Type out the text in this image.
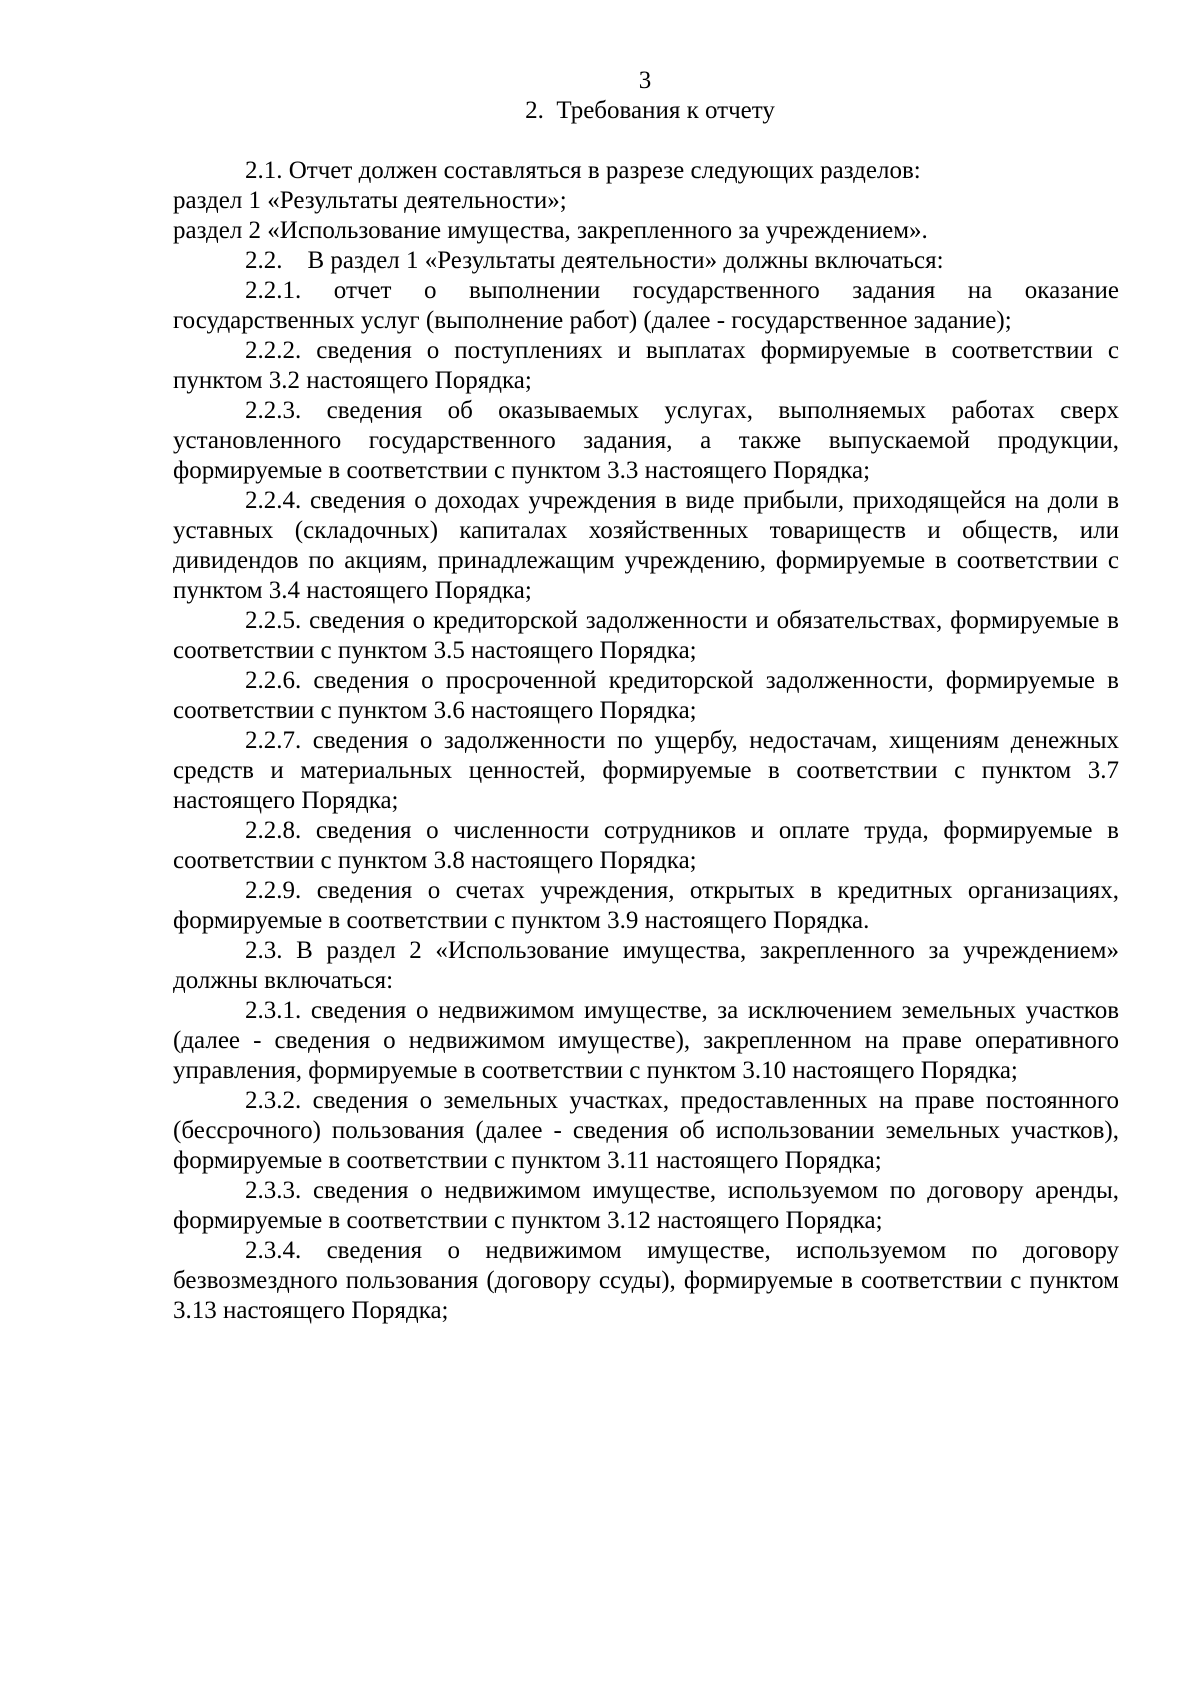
3
2.  Требования к отчету

2.1. Отчет должен составляться в разрезе следующих разделов:

раздел 1 «Результаты деятельности»;

раздел 2 «Использование имущества, закрепленного за учреждением».

2.2. В раздел 1 «Результаты деятельности» должны включаться:

2.2.1. отчет о выполнении государственного задания на оказание государственных услуг (выполнение работ) (далее - государственное задание);

2.2.2. сведения о поступлениях и выплатах формируемые в соответствии с пунктом 3.2 настоящего Порядка;

2.2.3. сведения об оказываемых услугах, выполняемых работах сверх установленного государственного задания, а также выпускаемой продукции, формируемые в соответствии с пунктом 3.3 настоящего Порядка;

2.2.4. сведения о доходах учреждения в виде прибыли, приходящейся на доли в уставных (складочных) капиталах хозяйственных товариществ и обществ, или дивидендов по акциям, принадлежащим учреждению, формируемые в соответствии с пунктом 3.4 настоящего Порядка;

2.2.5. сведения о кредиторской задолженности и обязательствах, формируемые в соответствии с пунктом 3.5 настоящего Порядка;

2.2.6. сведения о просроченной кредиторской задолженности, формируемые в соответствии с пунктом 3.6 настоящего Порядка;

2.2.7. сведения о задолженности по ущербу, недостачам, хищениям денежных средств и материальных ценностей, формируемые в соответствии с пунктом 3.7 настоящего Порядка;

2.2.8. сведения о численности сотрудников и оплате труда, формируемые в соответствии с пунктом 3.8 настоящего Порядка;

2.2.9. сведения о счетах учреждения, открытых в кредитных организациях, формируемые в соответствии с пунктом 3.9 настоящего Порядка.

2.3. В раздел 2 «Использование имущества, закрепленного за учреждением» должны включаться:

2.3.1. сведения о недвижимом имуществе, за исключением земельных участков (далее - сведения о недвижимом имуществе), закрепленном на праве оперативного управления, формируемые в соответствии с пунктом 3.10 настоящего Порядка;

2.3.2. сведения о земельных участках, предоставленных на праве постоянного (бессрочного) пользования (далее - сведения об использовании земельных участков), формируемые в соответствии с пунктом 3.11 настоящего Порядка;

2.3.3. сведения о недвижимом имуществе, используемом по договору аренды, формируемые в соответствии с пунктом 3.12 настоящего Порядка;

2.3.4. сведения о недвижимом имуществе, используемом по договору безвозмездного пользования (договору ссуды), формируемые в соответствии с пунктом 3.13 настоящего Порядка;
